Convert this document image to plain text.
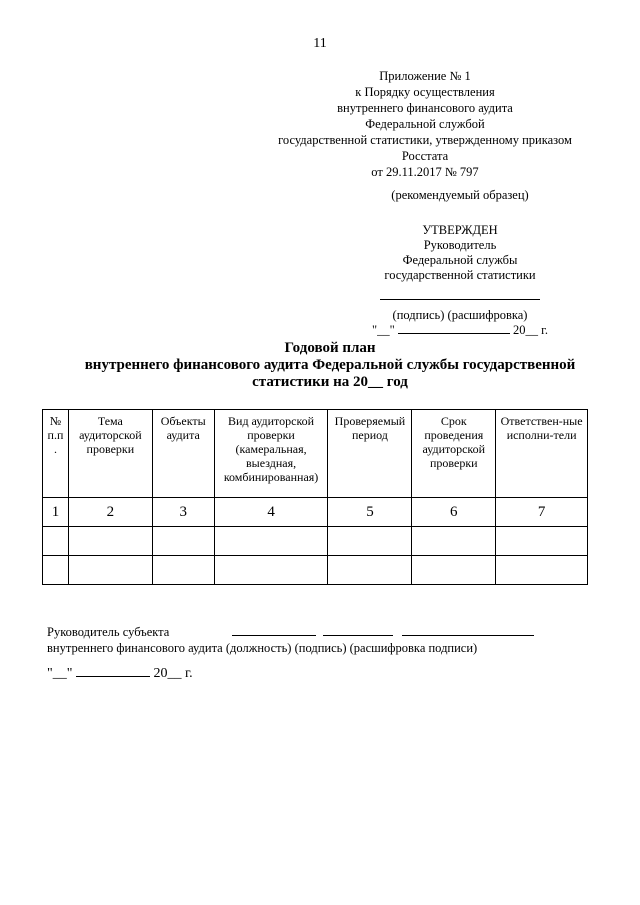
11
Приложение № 1
к Порядку осуществления
внутреннего финансового аудита
Федеральной службой
государственной статистики, утвержденному приказом
Росстата
от 29.11.2017 № 797
(рекомендуемый образец)
УТВЕРЖДЕН
Руководитель
Федеральной службы
государственной статистики
(подпись) (расшифровка)
"__"	20__ г.
Годовой план
внутреннего финансового аудита Федеральной службы государственной
статистики на 20__ год
№ п.п .	Тема аудиторской проверки	Объекты аудита	Вид аудиторской проверки (камеральная, выездная, комбинированная)	Проверяемый период	Срок проведения аудиторской проверки	Ответствен-ные исполни-тели
1	2	3	4	5	6	7

Руководитель субъекта
внутреннего финансового аудита (должность) (подпись) (расшифровка подписи)
"__"	20__ г.
